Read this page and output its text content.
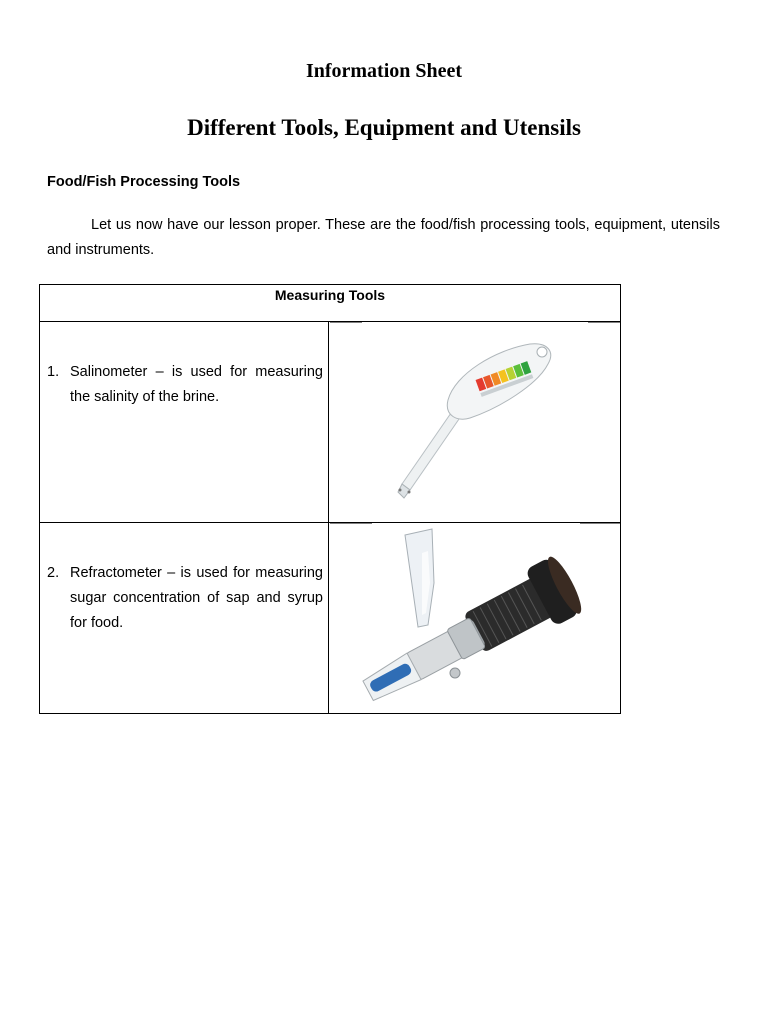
Information Sheet
Different Tools, Equipment and Utensils
Food/Fish Processing Tools

Let us now have our lesson proper. These are the food/fish processing tools, equipment, utensils and instruments.

Measuring Tools
1. Salinometer – is used for measuring the salinity of the brine.
2. Refractometer – is used for measuring sugar concentration of sap and syrup for food.
